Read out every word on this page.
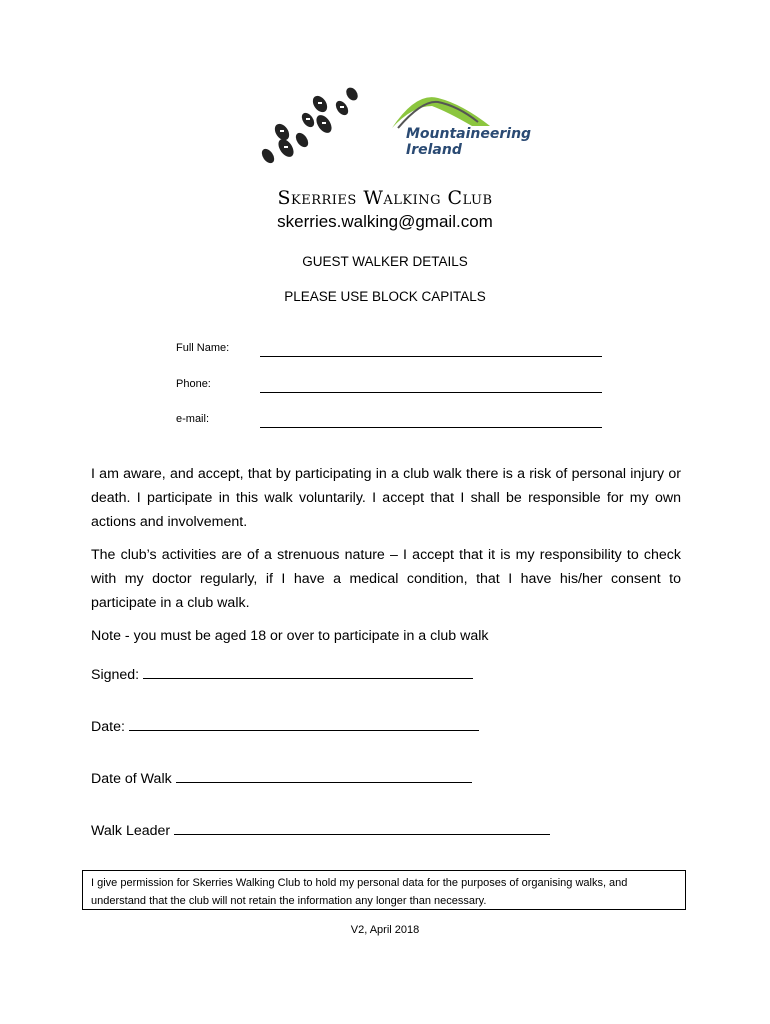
Mountaineering
Ireland
Skerries Walking Club
skerries.walking@gmail.com
GUEST WALKER DETAILS
PLEASE USE BLOCK CAPITALS
Full Name:
Phone:
e-mail:
I am aware, and accept, that by participating in a club walk there is a risk of personal injury or death. I participate in this walk voluntarily. I accept that I shall be responsible for my own actions and involvement.
The club’s activities are of a strenuous nature – I accept that it is my responsibility to check with my doctor regularly, if I have a medical condition, that I have his/her consent to participate in a club walk.
Note - you must be aged 18 or over to participate in a club walk
Signed:
Date:
Date of Walk
Walk Leader
I give permission for Skerries Walking Club to hold my personal data for the purposes of organising walks, and understand that the club will not retain the information any longer than necessary.
V2, April 2018
